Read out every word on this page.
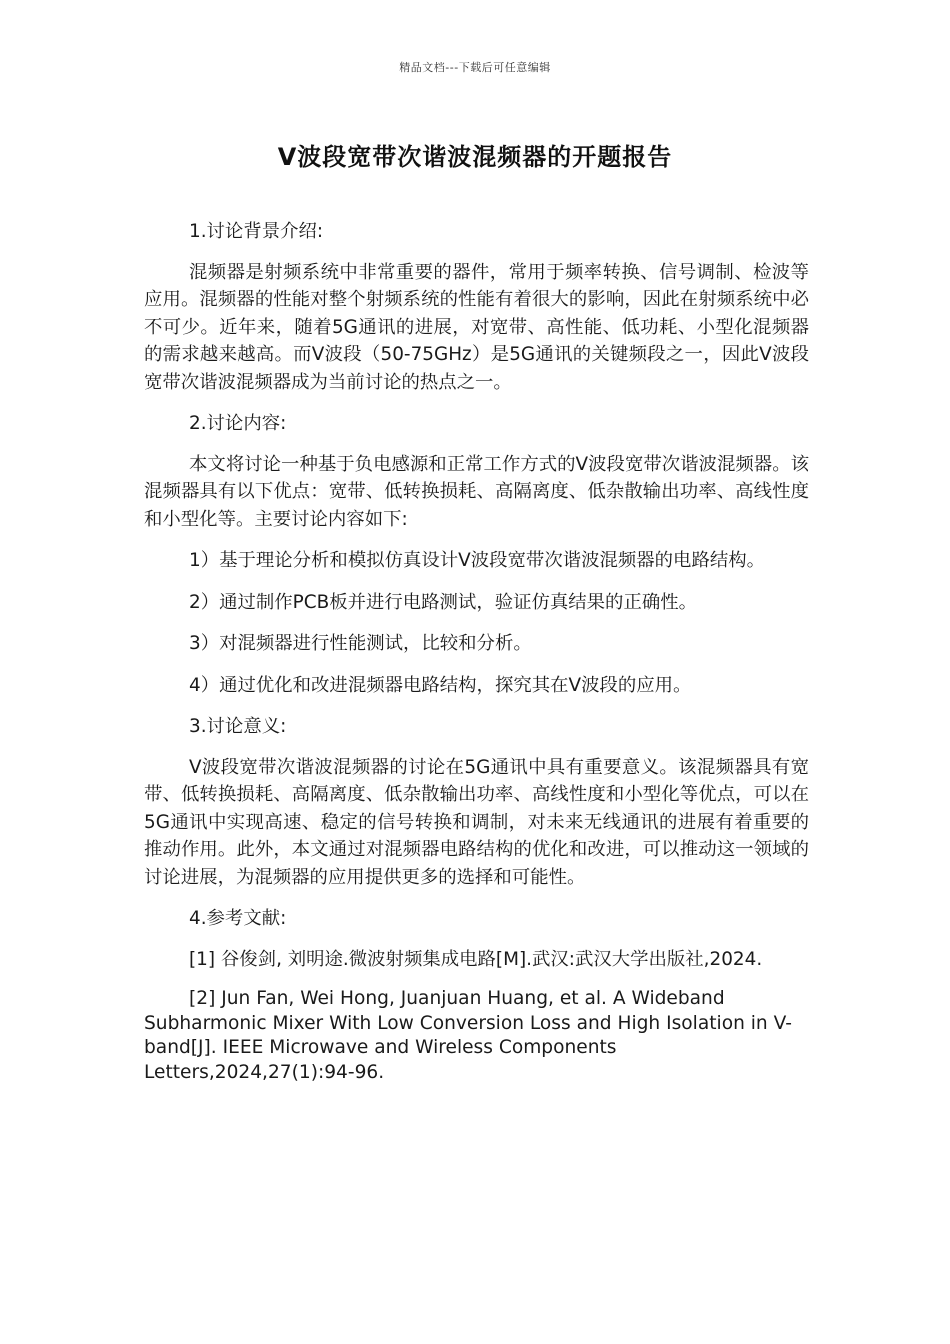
精品文档---下载后可任意编辑
V波段宽带次谐波混频器的开题报告

1.讨论背景介绍:

混频器是射频系统中非常重要的器件，常用于频率转换、信号调制、检波等应用。混频器的性能对整个射频系统的性能有着很大的影响，因此在射频系统中必不可少。近年来，随着5G通讯的进展，对宽带、高性能、低功耗、小型化混频器的需求越来越高。而V波段（50-75GHz）是5G通讯的关键频段之一，因此V波段宽带次谐波混频器成为当前讨论的热点之一。

2.讨论内容:

本文将讨论一种基于负电感源和正常工作方式的V波段宽带次谐波混频器。该混频器具有以下优点：宽带、低转换损耗、高隔离度、低杂散输出功率、高线性度和小型化等。主要讨论内容如下:

1）基于理论分析和模拟仿真设计V波段宽带次谐波混频器的电路结构。

2）通过制作PCB板并进行电路测试，验证仿真结果的正确性。

3）对混频器进行性能测试，比较和分析。

4）通过优化和改进混频器电路结构，探究其在V波段的应用。

3.讨论意义:

V波段宽带次谐波混频器的讨论在5G通讯中具有重要意义。该混频器具有宽带、低转换损耗、高隔离度、低杂散输出功率、高线性度和小型化等优点，可以在5G通讯中实现高速、稳定的信号转换和调制，对未来无线通讯的进展有着重要的推动作用。此外，本文通过对混频器电路结构的优化和改进，可以推动这一领域的讨论进展，为混频器的应用提供更多的选择和可能性。

4.参考文献:

[1] 谷俊剑, 刘明途.微波射频集成电路[M].武汉:武汉大学出版社,2024.

[2] Jun Fan, Wei Hong, Juanjuan Huang, et al. A Wideband Subharmonic Mixer With Low Conversion Loss and High Isolation in V-band[J]. IEEE Microwave and Wireless Components Letters,2024,27(1):94-96.
